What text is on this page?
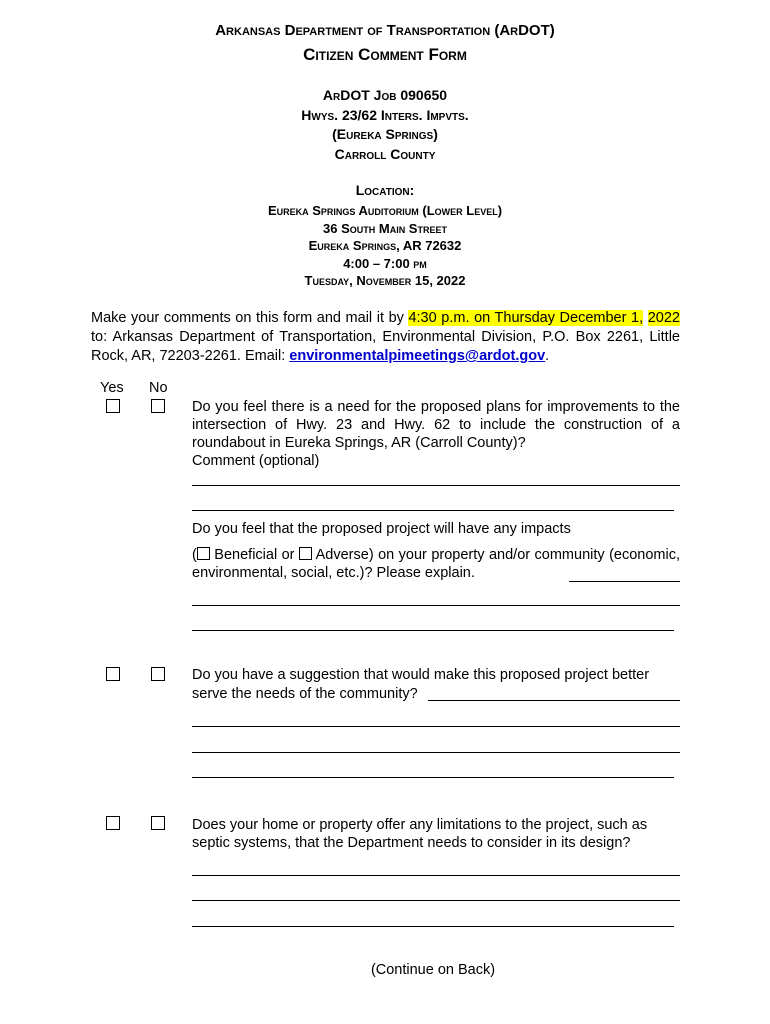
Arkansas Department of Transportation (ArDOT)
Citizen Comment Form
ArDOT Job 090650
Hwys. 23/62 Inters. Impvts.
(Eureka Springs)
Carroll County
Location:
Eureka Springs Auditorium (Lower Level)
36 South Main Street
Eureka Springs, AR 72632
4:00 – 7:00 pm
Tuesday, November 15, 2022
Make your comments on this form and mail it by 4:30 p.m. on Thursday December 1, 2022 to: Arkansas Department of Transportation, Environmental Division, P.O. Box 2261, Little Rock, AR, 72203-2261. Email: environmentalpimeetings@ardot.gov.
Yes No
Do you feel there is a need for the proposed plans for improvements to the intersection of Hwy. 23 and Hwy. 62 to include the construction of a roundabout in Eureka Springs, AR (Carroll County)?
Comment (optional)
Do you feel that the proposed project will have any impacts
( Beneficial or Adverse) on your property and/or community (economic, environmental, social, etc.)? Please explain.
Do you have a suggestion that would make this proposed project better
serve the needs of the community?
Does your home or property offer any limitations to the project, such as
septic systems, that the Department needs to consider in its design?
(Continue on Back)
